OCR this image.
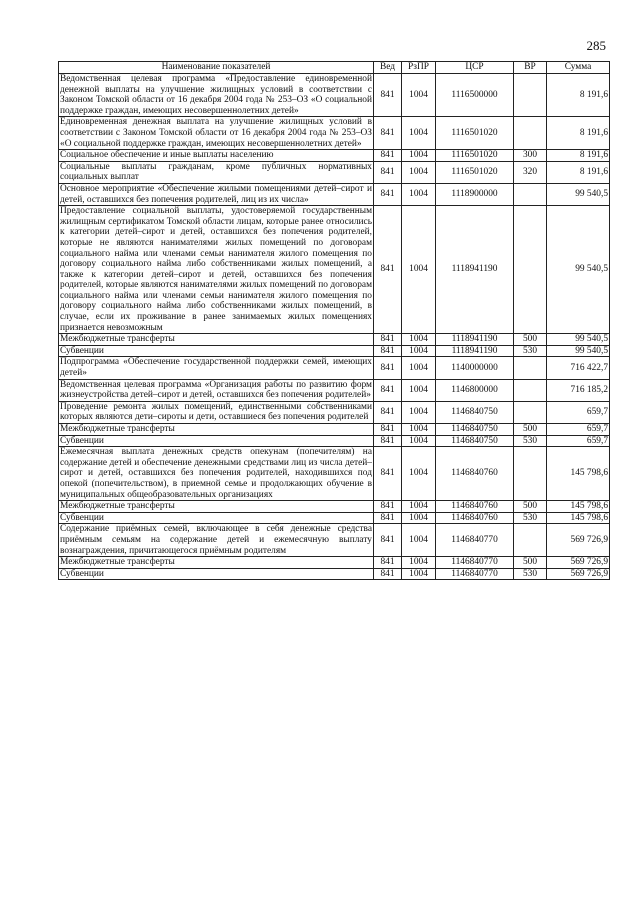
285
Наименование показателей	Вед	РзПР	ЦСР	ВР	Сумма
Ведомственная целевая программа «Предоставление единовременной денежной выплаты на улучшение жилищных условий в соответствии с Законом Томской области от 16 декабря 2004 года № 253–ОЗ «О социальной поддержке граждан, имеющих несовершеннолетних детей»	841	1004	1116500000		8 191,6
Единовременная денежная выплата на улучшение жилищных условий в соответствии с Законом Томской области от 16 декабря 2004 года № 253–ОЗ «О социальной поддержке граждан, имеющих несовершеннолетних детей»	841	1004	1116501020		8 191,6
Социальное обеспечение и иные выплаты населению	841	1004	1116501020	300	8 191,6
Социальные выплаты гражданам, кроме публичных нормативных социальных выплат	841	1004	1116501020	320	8 191,6
Основное мероприятие «Обеспечение жилыми помещениями детей–сирот и детей, оставшихся без попечения родителей, лиц из их числа»	841	1004	1118900000		99 540,5
Предоставление социальной выплаты, удостоверяемой государственным жилищным сертификатом Томской области лицам, которые ранее относились к категории детей–сирот и детей, оставшихся без попечения родителей, которые не являются нанимателями жилых помещений по договорам социального найма или членами семьи нанимателя жилого помещения по договору социального найма либо собственниками жилых помещений, а также к категории детей–сирот и детей, оставшихся без попечения родителей, которые являются нанимателями жилых помещений по договорам социального найма или членами семьи нанимателя жилого помещения по договору социального найма либо собственниками жилых помещений, в случае, если их проживание в ранее занимаемых жилых помещениях признается невозможным	841	1004	1118941190		99 540,5
Межбюджетные трансферты	841	1004	1118941190	500	99 540,5
Субвенции	841	1004	1118941190	530	99 540,5
Подпрограмма «Обеспечение государственной поддержки семей, имеющих детей»	841	1004	1140000000		716 422,7
Ведомственная целевая программа «Организация работы по развитию форм жизнеустройства детей–сирот и детей, оставшихся без попечения родителей»	841	1004	1146800000		716 185,2
Проведение ремонта жилых помещений, единственными собственниками которых являются дети–сироты и дети, оставшиеся без попечения родителей	841	1004	1146840750		659,7
Межбюджетные трансферты	841	1004	1146840750	500	659,7
Субвенции	841	1004	1146840750	530	659,7
Ежемесячная выплата денежных средств опекунам (попечителям) на содержание детей и обеспечение денежными средствами лиц из числа детей–сирот и детей, оставшихся без попечения родителей, находившихся под опекой (попечительством), в приемной семье и продолжающих обучение в муниципальных общеобразовательных организациях	841	1004	1146840760		145 798,6
Межбюджетные трансферты	841	1004	1146840760	500	145 798,6
Субвенции	841	1004	1146840760	530	145 798,6
Содержание приёмных семей, включающее в себя денежные средства приёмным семьям на содержание детей и ежемесячную выплату вознаграждения, причитающегося приёмным родителям	841	1004	1146840770		569 726,9
Межбюджетные трансферты	841	1004	1146840770	500	569 726,9
Субвенции	841	1004	1146840770	530	569 726,9
